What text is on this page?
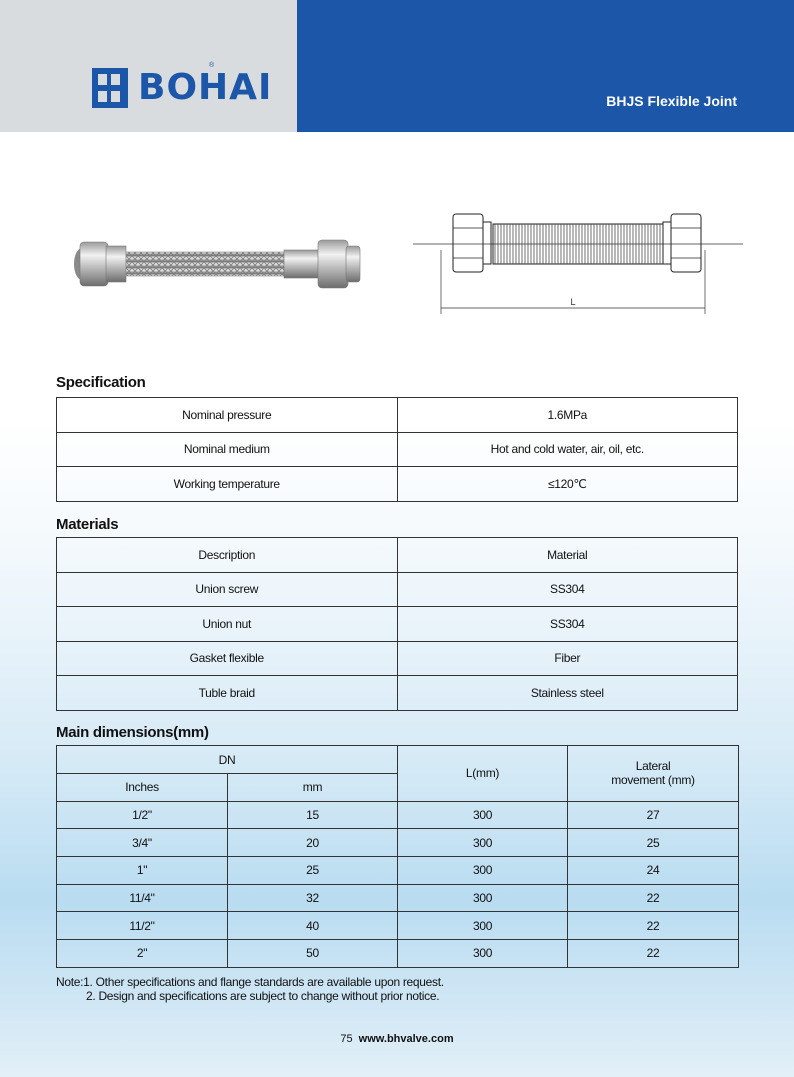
®
BOHAI	BHJS Flexible Joint
L
Specification
Nominal pressure	1.6MPa
Nominal medium	Hot and cold water, air, oil, etc.
Working temperature	≤120℃
Materials
Description	Material
Union screw	SS304
Union nut	SS304
Gasket flexible	Fiber
Tuble braid	Stainless steel
Main dimensions(mm)
DN		L(mm)	Lateral
movement (mm)

Inches	mm		
1/2"	15	300	27
3/4"	20	300	25
1"	25	300	24
11/4"	32	300	22
11/2"	40	300	22
2"	50	300	22
Note:1. Other specifications and flange standards are available upon request.
2. Design and specifications are subject to change without prior notice.
75 www.bhvalve.com
